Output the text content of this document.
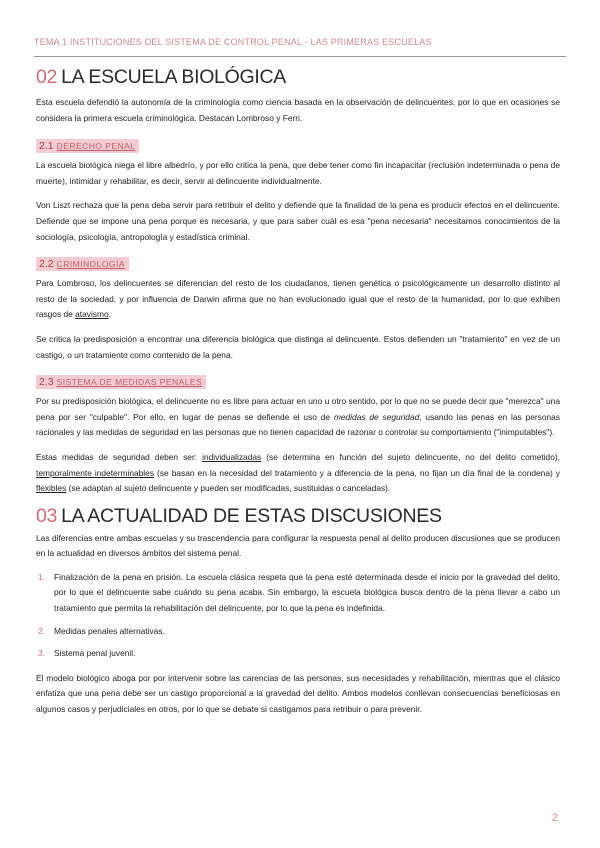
TEMA 1 INSTITUCIONES DEL SISTEMA DE CONTROL PENAL - LAS PRIMERAS ESCUELAS
02 LA ESCUELA BIOLÓGICA

Esta escuela defendió la autonomía de la criminología como ciencia basada en la observación de delincuentes, por lo que en ocasiones se considera la primera escuela criminológica. Destacan Lombroso y Ferri.

2.1 DERECHO PENAL

La escuela biológica niega el libre albedrío, y por ello critica la pena, que debe tener como fin incapacitar (reclusión indeterminada o pena de muerte), intimidar y rehabilitar, es decir, servir al delincuente individualmente.

Von Liszt rechaza que la pena deba servir para retribuir el delito y defiende que la finalidad de la pena es producir efectos en el delincuente. Defiende que se impone una pena porque es necesaria, y que para saber cuál es esa "pena necesaria" necesitamos conocimientos de la sociología, psicología, antropología y estadística criminal.

2.2 CRIMINOLOGÍA

Para Lombroso, los delincuentes se diferencian del resto de los ciudadanos, tienen genética o psicológicamente un desarrollo distinto al resto de la sociedad, y por influencia de Darwin afirma que no han evolucionado igual que el resto de la humanidad, por lo que exhiben rasgos de atavismo.

Se critica la predisposición a encontrar una diferencia biológica que distinga al delincuente. Estos defienden un "tratamiento" en vez de un castigo, o un tratamiento como contenido de la pena.

2.3 SISTEMA DE MEDIDAS PENALES

Por su predisposición biológica, el delincuente no es libre para actuar en uno u otro sentido, por lo que no se puede decir que "merezca" una pena por ser "culpable". Por ello, en lugar de penas se defiende el uso de medidas de seguridad, usando las penas en las personas racionales y las medidas de seguridad en las personas que no tienen capacidad de razonar o controlar su comportamiento ("inimputables").

Estas medidas de seguridad deben ser: individualizadas (se determina en función del sujeto delincuente, no del delito cometido), temporalmente indeterminables (se basan en la necesidad del tratamiento y a diferencia de la pena, no fijan un día final de la condena) y flexibles (se adaptan al sujeto delincuente y pueden ser modificadas, sustituidas o canceladas).

03 LA ACTUALIDAD DE ESTAS DISCUSIONES

Las diferencias entre ambas escuelas y su trascendencia para configurar la respuesta penal al delito producen discusiones que se producen en la actualidad en diversos ámbitos del sistema penal.

1. Finalización de la pena en prisión. La escuela clásica respeta que la pena esté determinada desde el inicio por la gravedad del delito, por lo que el delincuente sabe cuándo su pena acaba. Sin embargo, la escuela biológica busca dentro de la pena llevar a cabo un tratamiento que permita la rehabilitación del delincuente, por lo que la pena es indefinida.
2. Medidas penales alternativas.
3. Sistema penal juvenil.

El modelo biológico aboga por por intervenir sobre las carencias de las personas, sus necesidades y rehabilitación, mientras que el clásico enfatiza que una pena debe ser un castigo proporcional a la gravedad del delito. Ambos modelos conllevan consecuencias beneficiosas en algunos casos y perjudiciales en otros, por lo que se debate si castigamos para retribuir o para prevenir.

2
